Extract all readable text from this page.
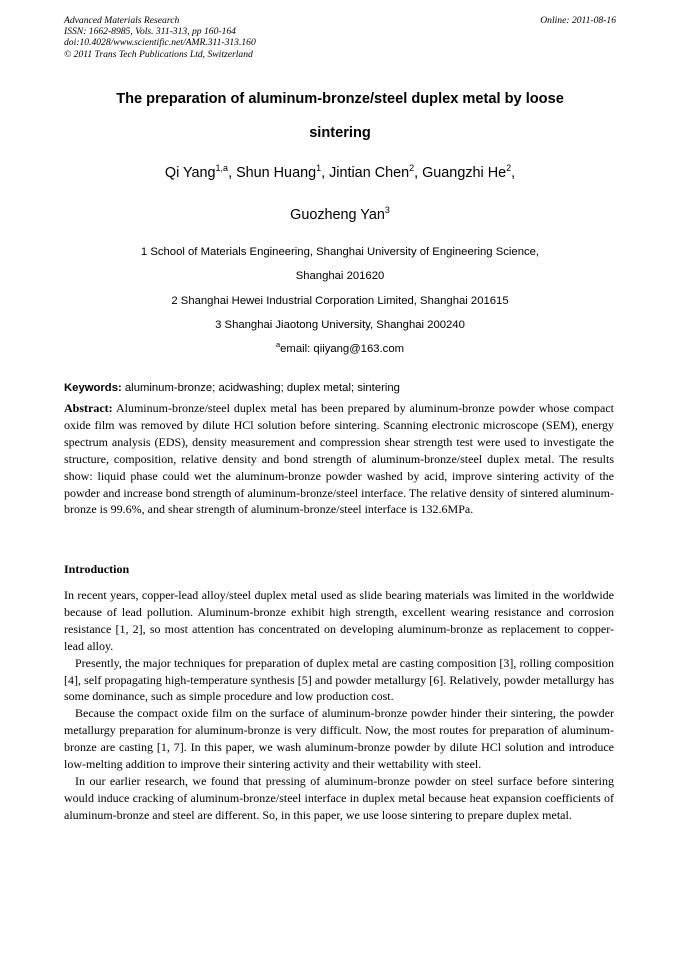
Advanced Materials Research
ISSN: 1662-8985, Vols. 311-313, pp 160-164
doi:10.4028/www.scientific.net/AMR.311-313.160
© 2011 Trans Tech Publications Ltd, Switzerland
Online: 2011-08-16
The preparation of aluminum-bronze/steel duplex metal by loose
sintering
Qi Yang$^{1,a}$, Shun Huang$^1$, Jintian Chen$^2$, Guangzhi He$^2$,
Guozheng Yan$^3$
1 School of Materials Engineering, Shanghai University of Engineering Science,
Shanghai 201620
2 Shanghai Hewei Industrial Corporation Limited, Shanghai 201615
3 Shanghai Jiaotong University, Shanghai 200240
$^a$email: qiiyang@163.com
Keywords: aluminum-bronze; acidwashing; duplex metal; sintering
Abstract: Aluminum-bronze/steel duplex metal has been prepared by aluminum-bronze powder whose compact oxide film was removed by dilute HCl solution before sintering. Scanning electronic microscope (SEM), energy spectrum analysis (EDS), density measurement and compression shear strength test were used to investigate the structure, composition, relative density and bond strength of aluminum-bronze/steel duplex metal. The results show: liquid phase could wet the aluminum-bronze powder washed by acid, improve sintering activity of the powder and increase bond strength of aluminum-bronze/steel interface. The relative density of sintered aluminum-bronze is 99.6%, and shear strength of aluminum-bronze/steel interface is 132.6MPa.
Introduction

In recent years, copper-lead alloy/steel duplex metal used as slide bearing materials was limited in the worldwide because of lead pollution. Aluminum-bronze exhibit high strength, excellent wearing resistance and corrosion resistance [1, 2], so most attention has concentrated on developing aluminum-bronze as replacement to copper-lead alloy.

Presently, the major techniques for preparation of duplex metal are casting composition [3], rolling composition [4], self propagating high-temperature synthesis [5] and powder metallurgy [6]. Relatively, powder metallurgy has some dominance, such as simple procedure and low production cost.

Because the compact oxide film on the surface of aluminum-bronze powder hinder their sintering, the powder metallurgy preparation for aluminum-bronze is very difficult. Now, the most routes for preparation of aluminum-bronze are casting [1, 7]. In this paper, we wash aluminum-bronze powder by dilute HCl solution and introduce low-melting addition to improve their sintering activity and their wettability with steel.

In our earlier research, we found that pressing of aluminum-bronze powder on steel surface before sintering would induce cracking of aluminum-bronze/steel interface in duplex metal because heat expansion coefficients of aluminum-bronze and steel are different. So, in this paper, we use loose sintering to prepare duplex metal.
